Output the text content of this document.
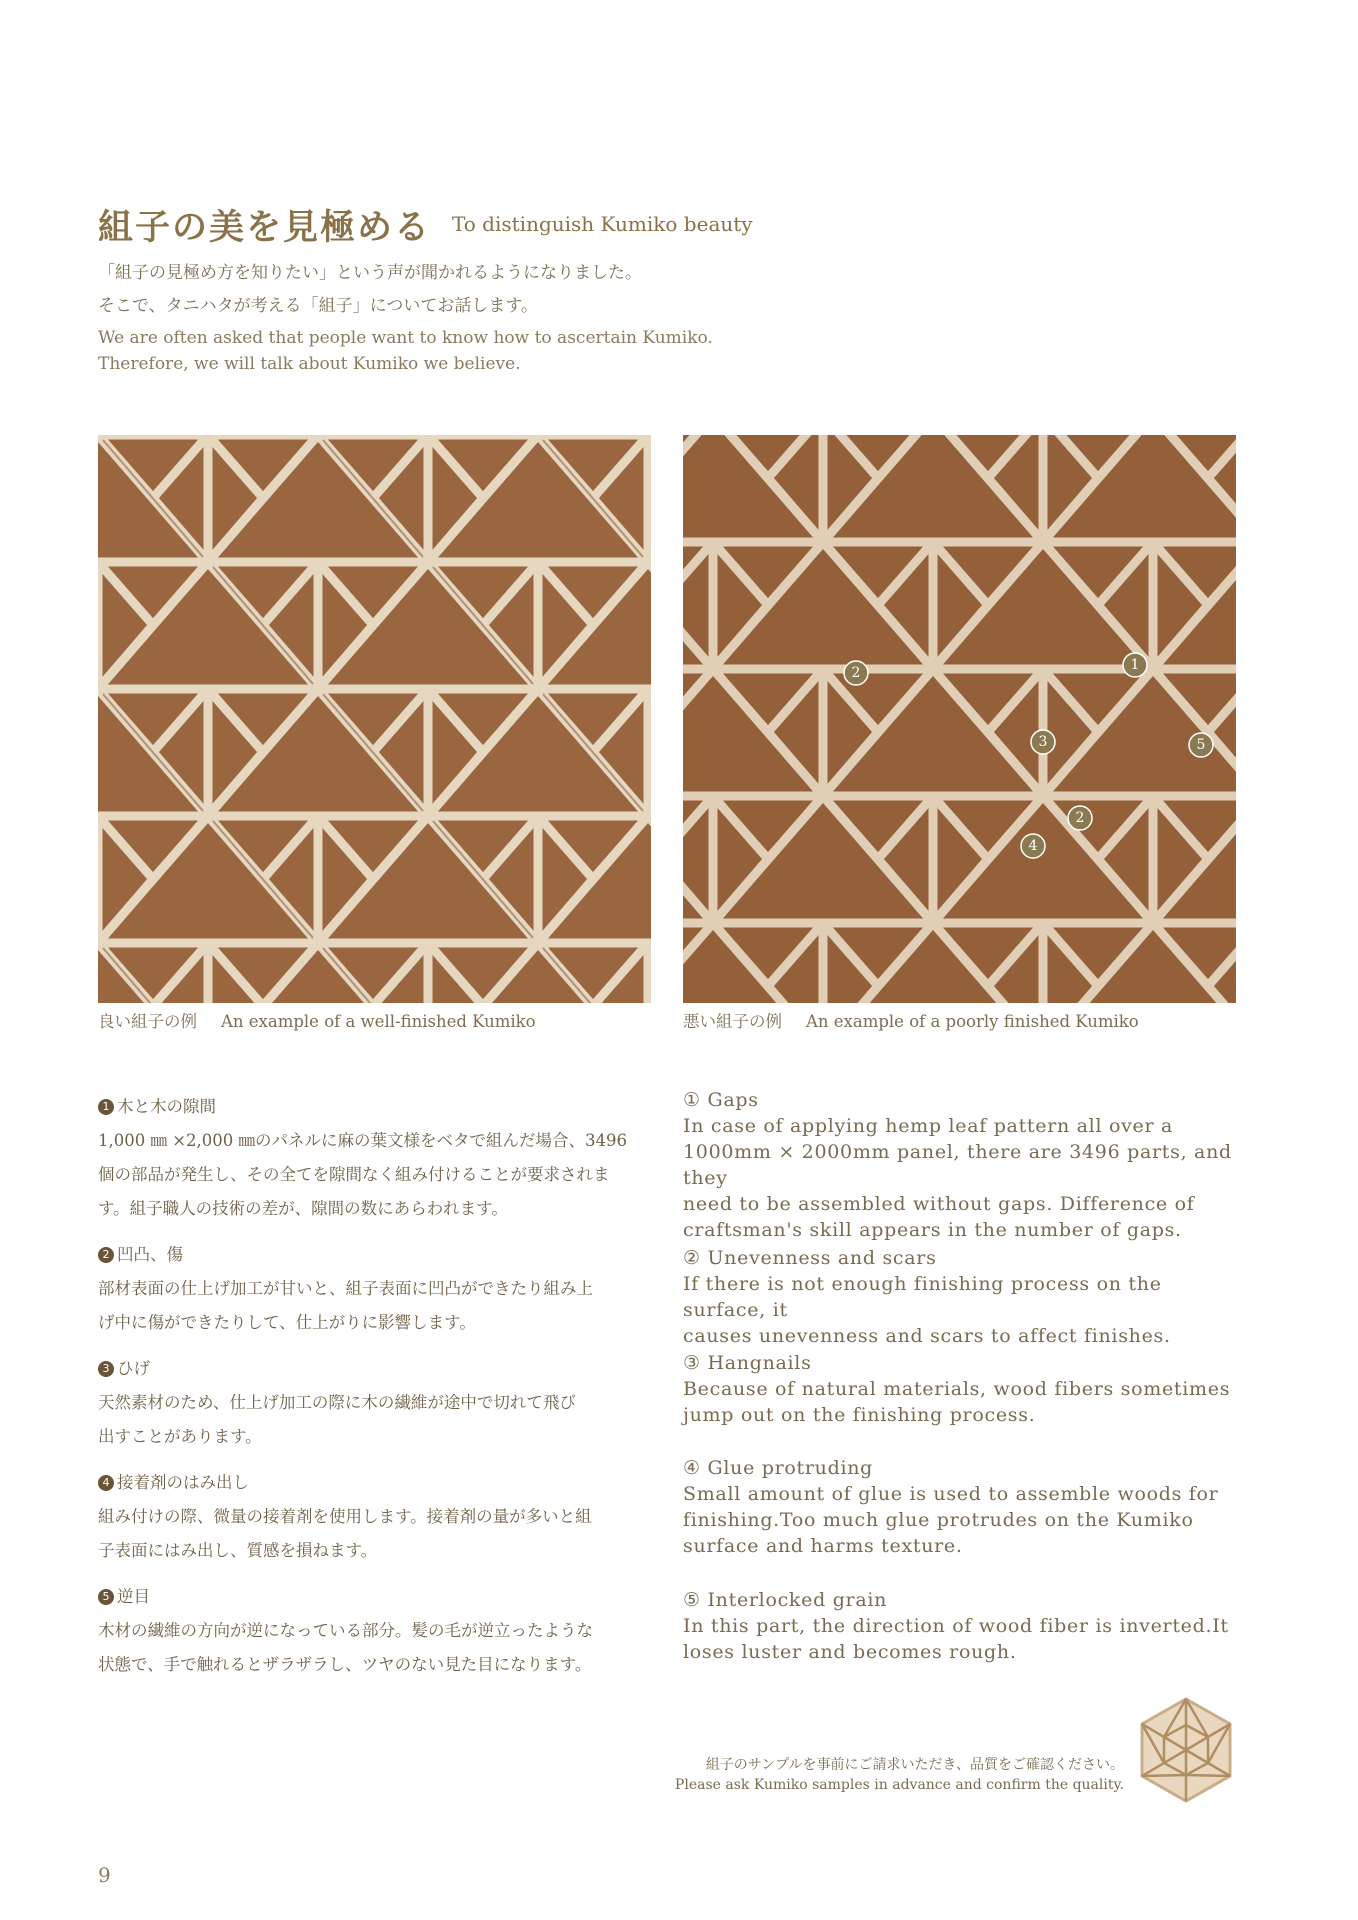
組子の美を見極める To distinguish Kumiko beauty
「組子の見極め方を知りたい」という声が聞かれるようになりました。
そこで、タニハタが考える「組子」についてお話します。
We are often asked that people want to know how to ascertain Kumiko.
Therefore, we will talk about Kumiko we believe.
1
2
3	5
2
4
良い組子の例 An example of a well-finished Kumiko	悪い組子の例 An example of a poorly finished Kumiko
1 木と木の隙間
1,000 ㎜ ×2,000 ㎜のパネルに麻の葉文様をベタで組んだ場合、3496
個の部品が発生し、その全てを隙間なく組み付けることが要求されま
す。組子職人の技術の差が、隙間の数にあらわれます。
2 凹凸、傷
部材表面の仕上げ加工が甘いと、組子表面に凹凸ができたり組み上
げ中に傷ができたりして、仕上がりに影響します。
3 ひげ
天然素材のため、仕上げ加工の際に木の繊維が途中で切れて飛び
出すことがあります。
4 接着剤のはみ出し
組み付けの際、微量の接着剤を使用します。接着剤の量が多いと組
子表面にはみ出し、質感を損ねます。
5 逆目
木材の繊維の方向が逆になっている部分。髪の毛が逆立ったような
状態で、手で触れるとザラザラし、ツヤのない見た目になります。
① Gaps
In case of applying hemp leaf pattern all over a
1000mm × 2000mm panel, there are 3496 parts, and they
need to be assembled without gaps. Difference of
craftsman's skill appears in the number of gaps.
② Unevenness and scars
If there is not enough finishing process on the surface, it
causes unevenness and scars to affect finishes.
③ Hangnails
Because of natural materials, wood fibers sometimes
jump out on the finishing process.
④ Glue protruding
Small amount of glue is used to assemble woods for
finishing.Too much glue protrudes on the Kumiko
surface and harms texture.
⑤ Interlocked grain
In this part, the direction of wood fiber is inverted.It
loses luster and becomes rough.
組子のサンプルを事前にご請求いただき、品質をご確認ください。
Please ask Kumiko samples in advance and confirm the quality.
9
